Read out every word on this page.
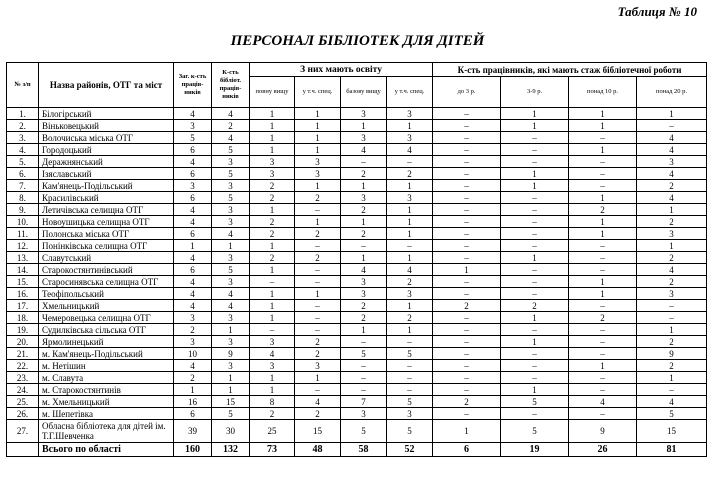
Таблиця № 10
ПЕРСОНАЛ БІБЛІОТЕК ДЛЯ ДІТЕЙ
№ з/п	Назва районів, ОТГ та міст	Заг. к-сть праців-ників	К-сть бібліот. праців-ників	З них мають освіту				К-сть працівників, які мають стаж бібліотечної роботи			
				повну вищу	у т.ч. спец.	базову вищу	у т.ч. спец.	до 3 р.	3-9 р.	понад 10 р.	понад 20 р.
1.	Білогірський	4	4	1	1	3	3	–	1	1	1
2.	Віньковецький	3	2	1	1	1	1	–	1	1	–
3.	Волочиська міська ОТГ	5	4	1	1	3	3	–	–	–	4
4.	Городоцький	6	5	1	1	4	4	–	–	1	4
5.	Деражнянський	4	3	3	3	–	–	–	–	–	3
6.	Ізяславський	6	5	3	3	2	2	–	1	–	4
7.	Кам'янець-Подільський	3	3	2	1	1	1	–	1	–	2
8.	Красилівський	6	5	2	2	3	3	–	–	1	4
9.	Летичівська селищна ОТГ	4	3	1	–	2	1	–	–	2	1
10.	Новоушицька селищна ОТГ	4	3	2	1	1	1	–	–	1	2
11.	Полонська міська ОТГ	6	4	2	2	2	1	–	–	1	3
12.	Понінківська селищна ОТГ	1	1	1	–	–	–	–	–	–	1
13.	Славутський	4	3	2	2	1	1	–	1	–	2
14.	Старокостянтинівський	6	5	1	–	4	4	1	–	–	4
15.	Старосинявська селищна ОТГ	4	3	–	–	3	2	–	–	1	2
16.	Теофіпольський	4	4	1	1	3	3	–	–	1	3
17.	Хмельницький	4	4	1	–	2	1	2	2	–	–
18.	Чемеровецька селищна ОТГ	3	3	1	–	2	2	–	1	2	–
19.	Судилківська сільська ОТГ	2	1	–	–	1	1	–	–	–	1
20.	Ярмолинецький	3	3	3	2	–	–	–	1	–	2
21.	м. Кам'янець-Подільський	10	9	4	2	5	5	–	–	–	9
22.	м. Нетішин	4	3	3	3	–	–	–	–	1	2
23.	м. Славута	2	1	1	1	–	–	–	–	–	1
24.	м. Старокостянтинів	1	1	1	–	–	–	–	1	–	–
25.	м. Хмельницький	16	15	8	4	7	5	2	5	4	4
26.	м. Шепетівка	6	5	2	2	3	3	–	–	–	5
27.	Обласна бібліотека для дітей ім. Т.Г.Шевченка	39	30	25	15	5	5	1	5	9	15
	Всього по області	160	132	73	48	58	52	6	19	26	81
